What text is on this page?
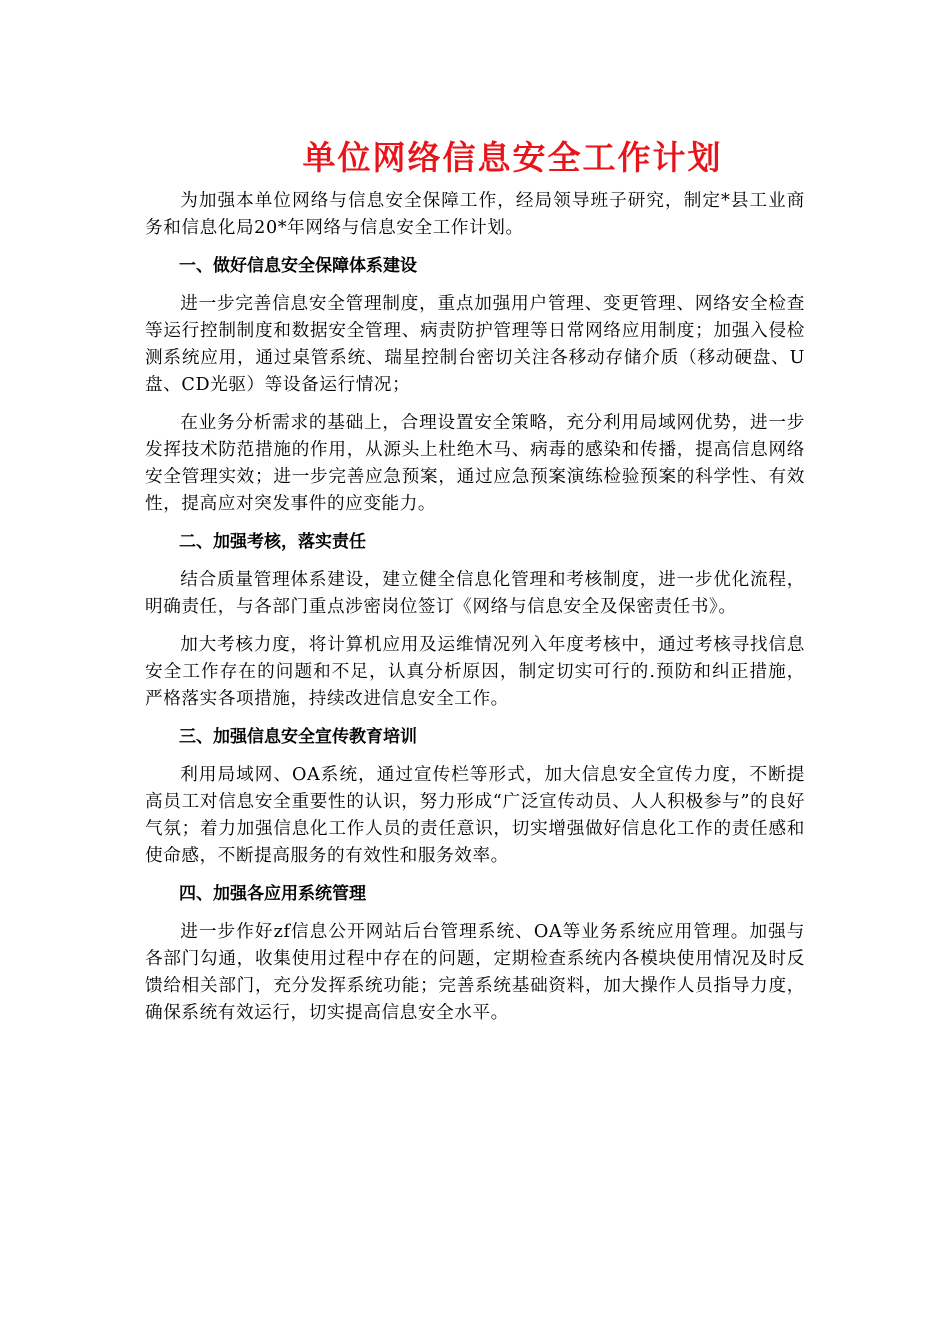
单位网络信息安全工作计划

为加强本单位网络与信息安全保障工作，经局领导班子研究，制定*县工业商务和信息化局20*年网络与信息安全工作计划。

一、做好信息安全保障体系建设

进一步完善信息安全管理制度，重点加强用户管理、变更管理、网络安全检查等运行控制制度和数据安全管理、病责防护管理等日常网络应用制度；加强入侵检测系统应用，通过桌管系统、瑞星控制台密切关注各移动存储介质（移动硬盘、U盘、CD光驱）等设备运行情况；

在业务分析需求的基础上，合理设置安全策略，充分利用局域网优势，进一步发挥技术防范措施的作用，从源头上杜绝木马、病毒的感染和传播，提高信息网络安全管理实效；进一步完善应急预案，通过应急预案演练检验预案的科学性、有效性，提高应对突发事件的应变能力。

二、加强考核，落实责任

结合质量管理体系建设，建立健全信息化管理和考核制度，进一步优化流程，明确责任，与各部门重点涉密岗位签订《网络与信息安全及保密责任书》。

加大考核力度，将计算机应用及运维情况列入年度考核中，通过考核寻找信息安全工作存在的问题和不足，认真分析原因，制定切实可行的.预防和纠正措施，严格落实各项措施，持续改进信息安全工作。

三、加强信息安全宣传教育培训

利用局域网、OA系统，通过宣传栏等形式，加大信息安全宣传力度，不断提高员工对信息安全重要性的认识，努力形成“广泛宣传动员、人人积极参与”的良好气氛；着力加强信息化工作人员的责任意识，切实增强做好信息化工作的责任感和使命感，不断提高服务的有效性和服务效率。

四、加强各应用系统管理

进一步作好zf信息公开网站后台管理系统、OA等业务系统应用管理。加强与各部门勾通，收集使用过程中存在的问题，定期检查系统内各模块使用情况及时反馈给相关部门，充分发挥系统功能；完善系统基础资料，加大操作人员指导力度，确保系统有效运行，切实提高信息安全水平。
